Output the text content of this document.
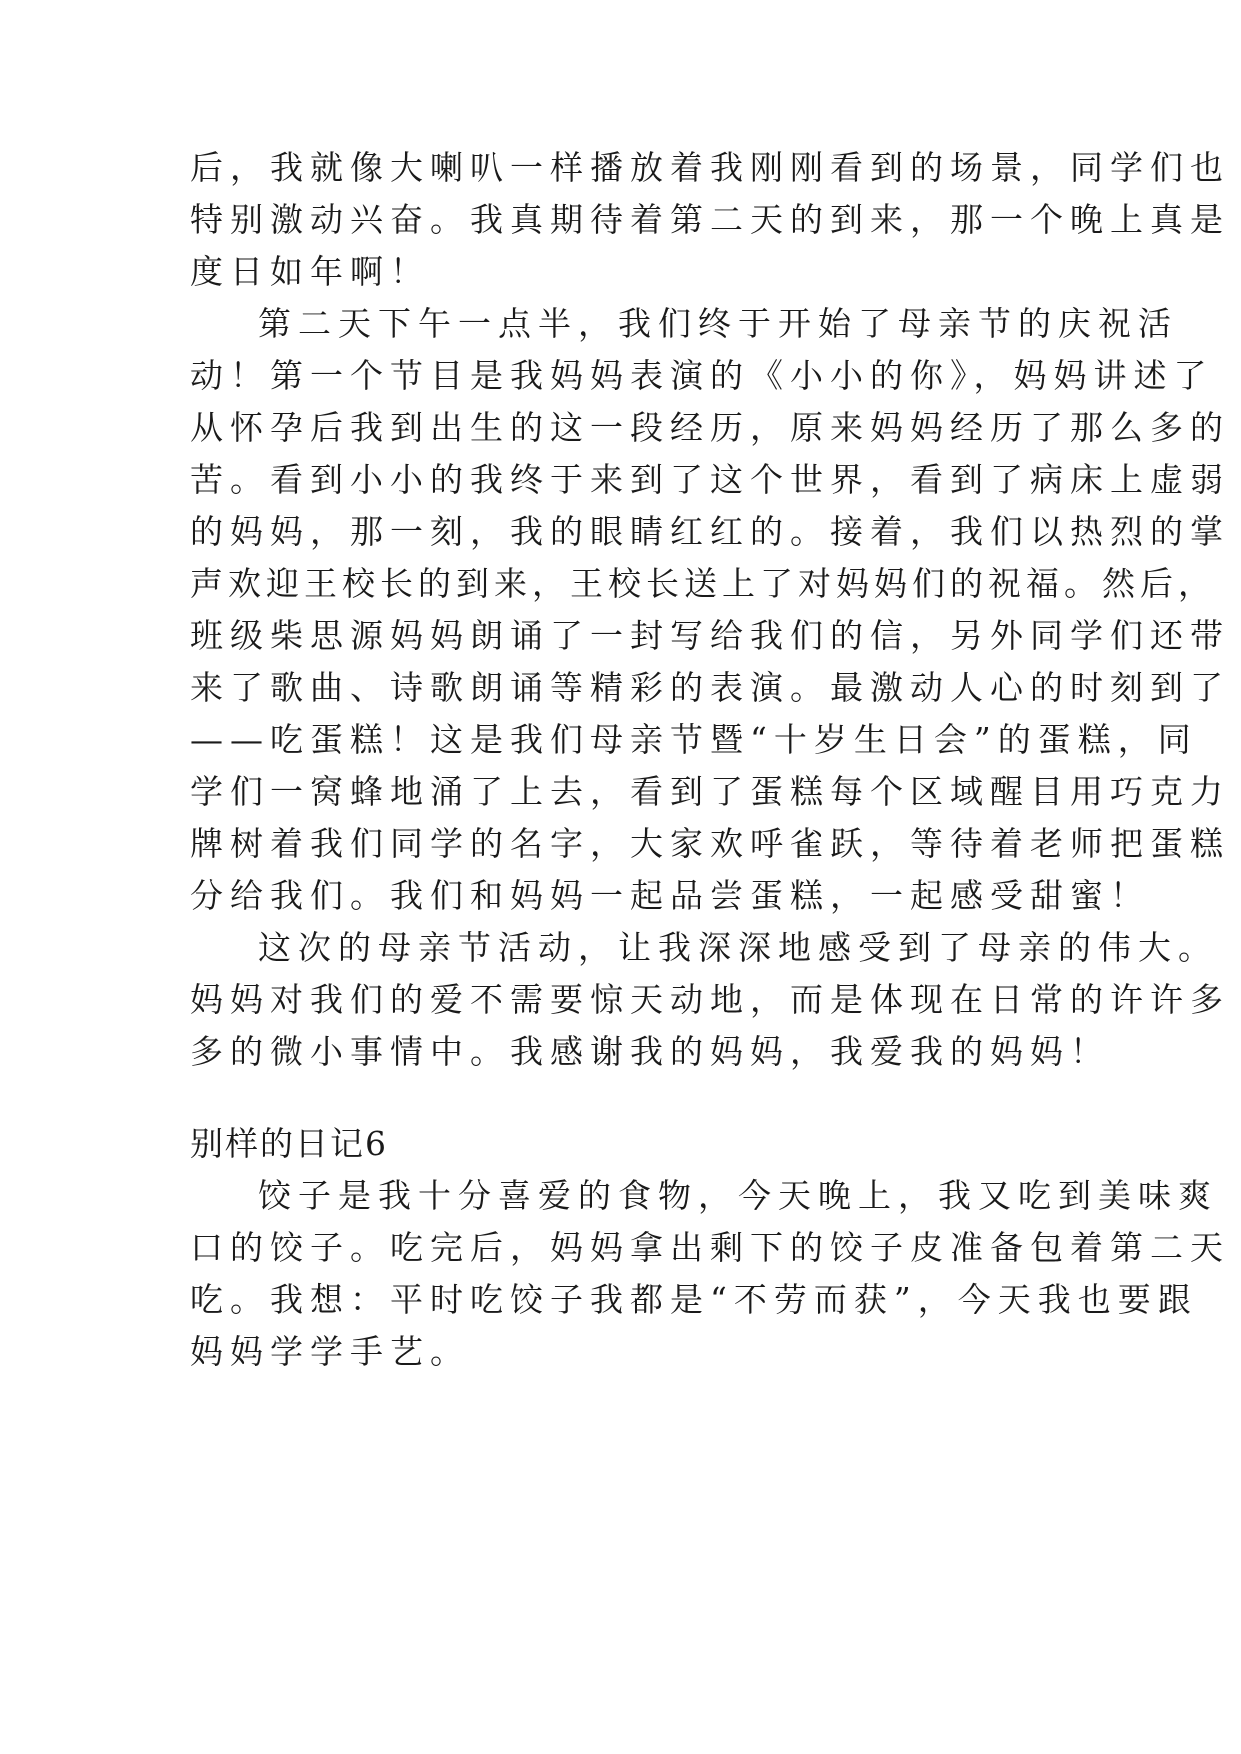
后，我就像大喇叭一样播放着我刚刚看到的场景，同学们也
特别激动兴奋。我真期待着第二天的到来，那一个晚上真是
度日如年啊！
第二天下午一点半，我们终于开始了母亲节的庆祝活
动！第一个节目是我妈妈表演的《小小的你》，妈妈讲述了
从怀孕后我到出生的这一段经历，原来妈妈经历了那么多的
苦。看到小小的我终于来到了这个世界，看到了病床上虚弱
的妈妈，那一刻，我的眼睛红红的。接着，我们以热烈的掌
声欢迎王校长的到来，王校长送上了对妈妈们的祝福。然后，
班级柴思源妈妈朗诵了一封写给我们的信，另外同学们还带
来了歌曲、诗歌朗诵等精彩的表演。最激动人心的时刻到了
——吃蛋糕！这是我们母亲节暨“十岁生日会”的蛋糕，同
学们一窝蜂地涌了上去，看到了蛋糕每个区域醒目用巧克力
牌树着我们同学的名字，大家欢呼雀跃，等待着老师把蛋糕
分给我们。我们和妈妈一起品尝蛋糕，一起感受甜蜜！
这次的母亲节活动，让我深深地感受到了母亲的伟大。
妈妈对我们的爱不需要惊天动地，而是体现在日常的许许多
多的微小事情中。我感谢我的妈妈，我爱我的妈妈！
别样的日记6
饺子是我十分喜爱的食物，今天晚上，我又吃到美味爽
口的饺子。吃完后，妈妈拿出剩下的饺子皮准备包着第二天
吃。我想：平时吃饺子我都是“不劳而获”，今天我也要跟
妈妈学学手艺。
